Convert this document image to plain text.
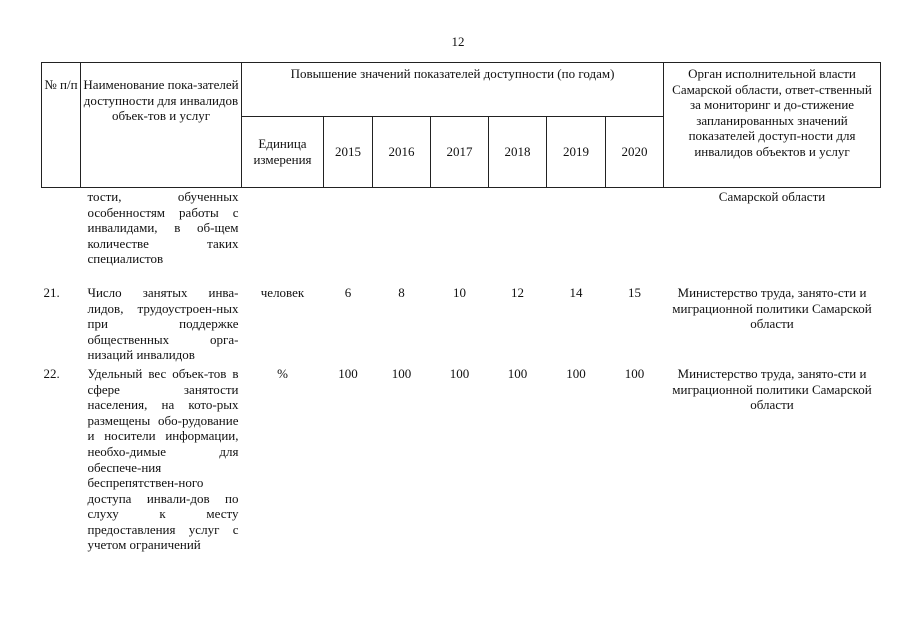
12
№ п/п	Наименование пока-зателей доступности для инвалидов объек-тов и услуг	Повышение значений показателей доступности (по годам)							Орган исполнительной власти Самарской области, ответ-ственный за мониторинг и до-стижение запланированных значений показателей доступ-ности для инвалидов объектов и услуг
		Единица измерения	2015	2016	2017	2018	2019	2020	
	тости, обученных особенностям работы с инвалидами, в об-щем количестве таких специалистов								Самарской области
21.	Число занятых инва-лидов, трудоустроен-ных при поддержке общественных орга-низаций инвалидов	человек	6	8	10	12	14	15	Министерство труда, занято-сти и миграционной политики Самарской области
22.	Удельный вес объек-тов в сфере занятости населения, на кото-рых размещены обо-рудование и носители информации, необхо-димые для обеспече-ния беспрепятствен-ного доступа инвали-дов по слуху к месту предоставления услуг с учетом ограничений	%	100	100	100	100	100	100	Министерство труда, занято-сти и миграционной политики Самарской области
